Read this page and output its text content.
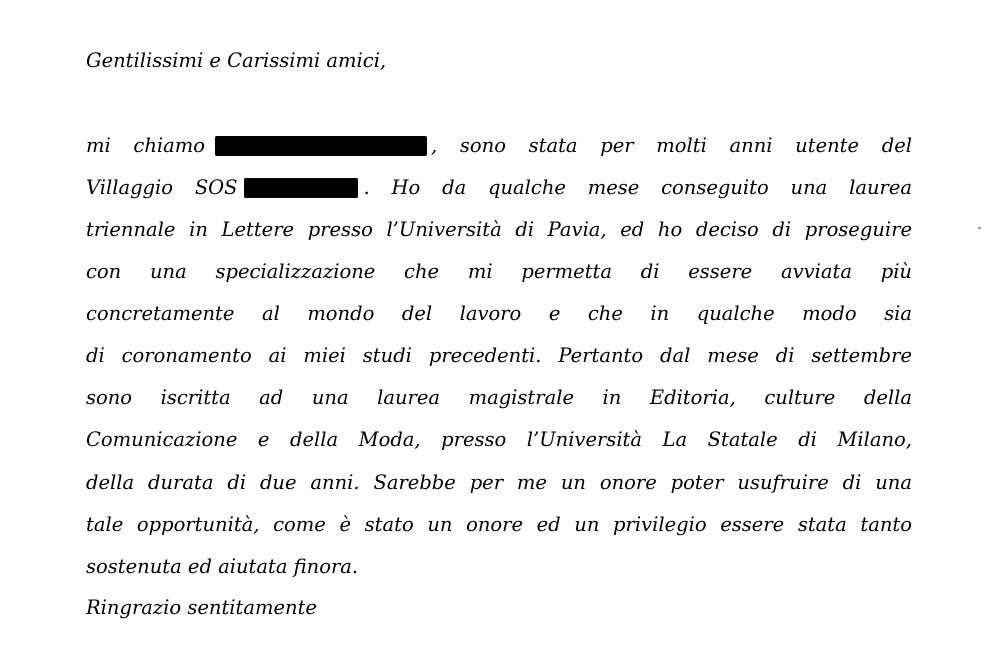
Gentilissimi e Carissimi amici,
mi chiamo	, sono stata per molti anni utente del
Villaggio SOS	. Ho da qualche mese conseguito una laurea
triennale in Lettere presso l’Università di Pavia, ed ho deciso di proseguire
con una specializzazione che mi permetta di essere avviata più
concretamente al mondo del lavoro e che in qualche modo sia
di coronamento ai miei studi precedenti. Pertanto dal mese di settembre
sono iscritta ad una laurea magistrale in Editoria, culture della
Comunicazione e della Moda, presso l’Università La Statale di Milano,
della durata di due anni. Sarebbe per me un onore poter usufruire di una
tale opportunità, come è stato un onore ed un privilegio essere stata tanto
sostenuta ed aiutata finora.
Ringrazio sentitamente
